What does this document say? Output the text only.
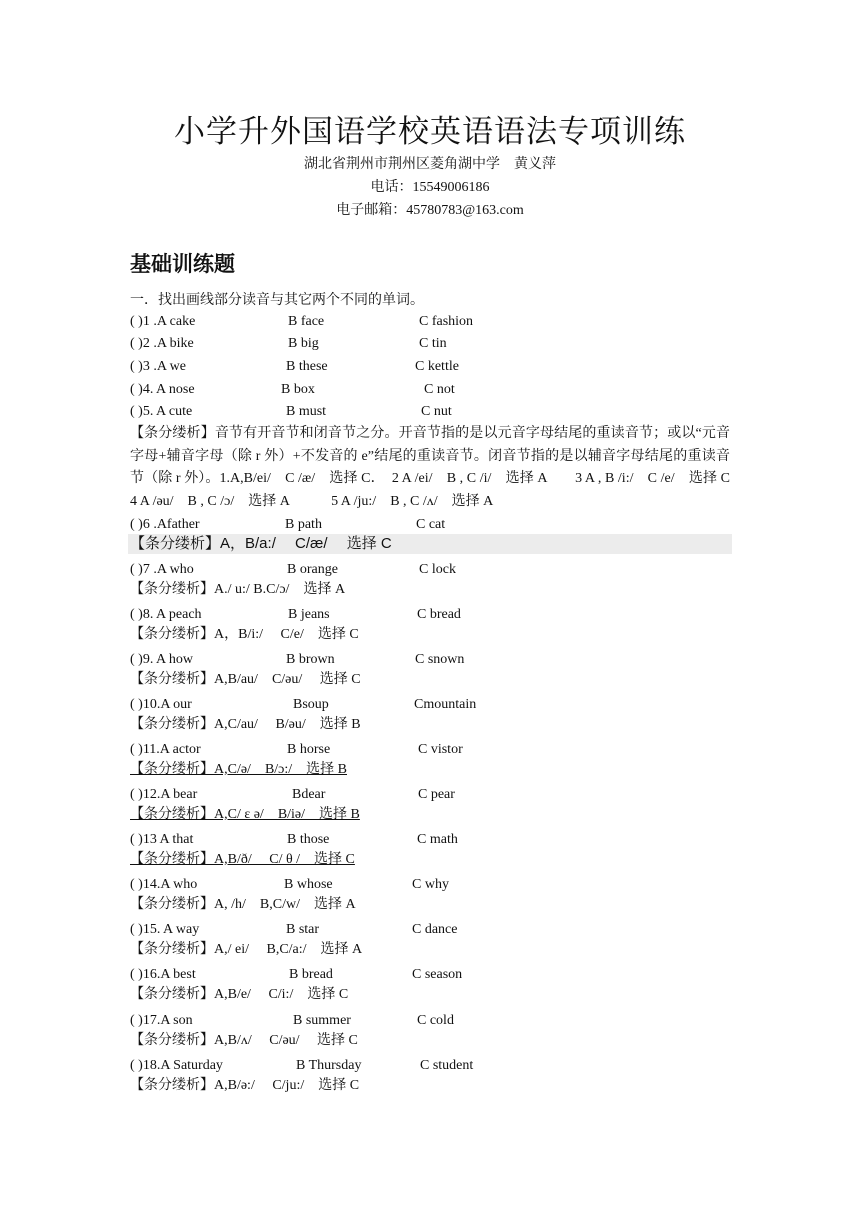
小学升外国语学校英语语法专项训练
湖北省荆州市荆州区菱角湖中学　黄义萍
电话：15549006186
电子邮箱：45780783@163.com
基础训练题
一．找出画线部分读音与其它两个不同的单词。
( )1 .A cake	B face	C fashion
( )2 .A bike	B big	C tin
( )3 .A we	B these	C kettle
( )4. A nose	B box	C not
( )5. A cute	B must	C nut
【条分缕析】音节有开音节和闭音节之分。开音节指的是以元音字母结尾的重读音节；或以“元音字母+辅音字母（除 r 外）+不发音的 e”结尾的重读音节。闭音节指的是以辅音字母结尾的重读音节（除 r 外）。1.A,B/ei/　C /æ/　选择 C．　2 A /ei/　B , C /i/　选择 A　　3 A , B /i:/　C /e/　选择 C　　　4 A /əu/　B , C /ɔ/　选择 A　　　5 A /ju:/　B , C /ʌ/　选择 A
( )6 .Afather	B path	C cat
【条分缕析】A，B/a:/　 C/æ/　 选择 C
( )7 .A who	B orange	C lock
【条分缕析】A./ u:/ B.C/ɔ/　选择 A
( )8. A peach	B jeans	C bread
【条分缕析】A，B/i:/　 C/e/　选择 C
( )9. A how	B brown	C snown
【条分缕析】A,B/au/　C/əu/　 选择 C
( )10.A our	Bsoup	Cmountain
【条分缕析】A,C/au/　 B/əu/　选择 B
( )11.A actor	B horse	C vistor
【条分缕析】A,C/ə/　B/ɔ:/　选择 B
( )12.A bear	Bdear	C pear
【条分缕析】A,C/ ε ə/　B/iə/　选择 B
( )13 A that	B those	C math
【条分缕析】A,B/ð/　 C/ θ /　选择 C
( )14.A who	B whose	C why
【条分缕析】A, /h/　B,C/w/　选择 A
( )15. A way	B star	C dance
【条分缕析】A,/ ei/　 B,C/a:/　选择 A
( )16.A best	B bread	C season
【条分缕析】A,B/e/　 C/i:/　选择 C
( )17.A son	B summer	C cold
【条分缕析】A,B/ʌ/　 C/əu/　 选择 C
( )18.A Saturday	B Thursday	C student
【条分缕析】A,B/ə:/　 C/ju:/　选择 C
